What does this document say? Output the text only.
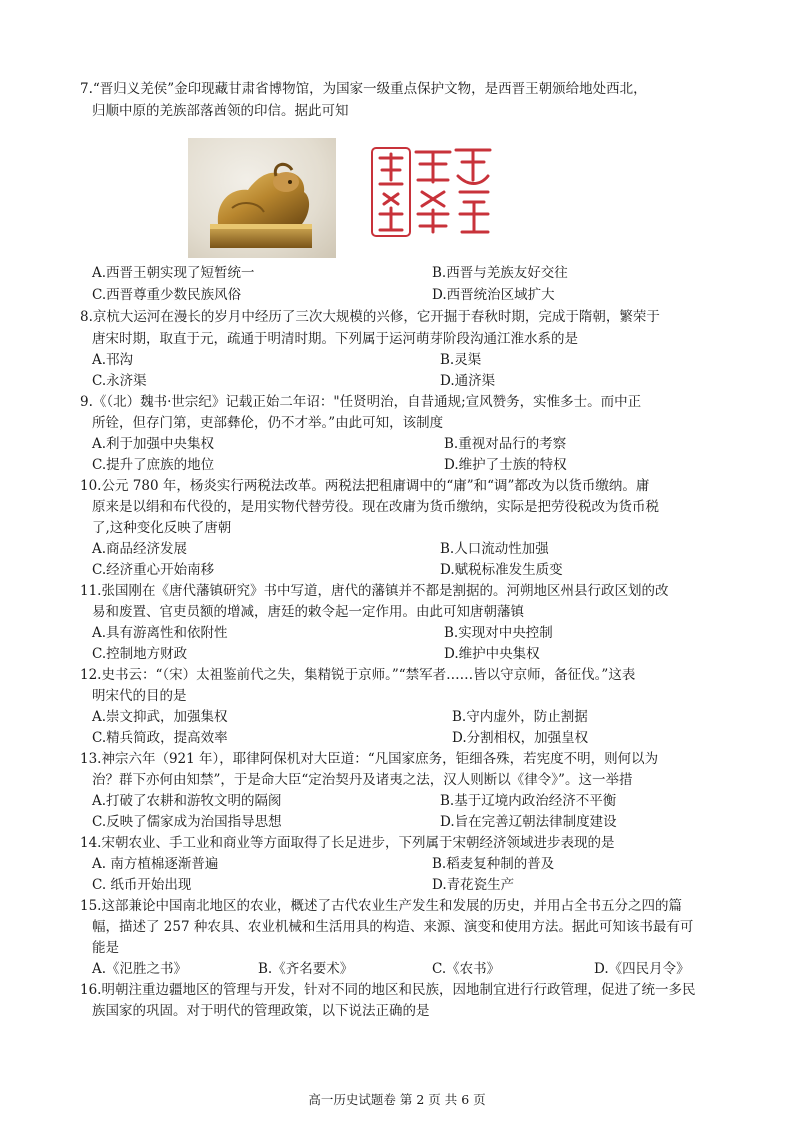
7.“晋归义羌侯”金印现藏甘肃省博物馆，为国家一级重点保护文物，是西晋王朝颁给地处西北，
归顺中原的羌族部落酋领的印信。据此可知
A.西晋王朝实现了短暂统一	B.西晋与羌族友好交往
C.西晋尊重少数民族风俗	D.西晋统治区域扩大
8.京杭大运河在漫长的岁月中经历了三次大规模的兴修，它开掘于春秋时期，完成于隋朝，繁荣于
唐宋时期，取直于元，疏通于明清时期。下列属于运河萌芽阶段沟通江淮水系的是
A.邗沟	B.灵渠
C.永济渠	D.通济渠
9.《（北）魏书·世宗纪》记载正始二年诏："任贤明治，自昔通规;宣风赞务，实惟多士。而中正
所铨，但存门第，吏部彝伦，仍不才举。”由此可知，该制度
A.利于加强中央集权	B.重视对品行的考察
C.提升了庶族的地位	D.维护了士族的特权
10.公元 780 年，杨炎实行两税法改革。两税法把租庸调中的“庸”和“调”都改为以货币缴纳。庸
原来是以绢和布代役的，是用实物代替劳役。现在改庸为货币缴纳，实际是把劳役税改为货币税
了,这种变化反映了唐朝
A.商品经济发展	B.人口流动性加强
C.经济重心开始南移	D.赋税标准发生质变
11.张国刚在《唐代藩镇研究》书中写道，唐代的藩镇并不都是割据的。河朔地区州县行政区划的改
易和废置、官吏员额的增减，唐廷的敕令起一定作用。由此可知唐朝藩镇
A.具有游离性和依附性	B.实现对中央控制
C.控制地方财政	D.维护中央集权
12.史书云：“（宋）太祖鉴前代之失，集精锐于京师。”“禁军者……皆以守京师，备征伐。”这表
明宋代的目的是
A.崇文抑武，加强集权	B.守内虚外，防止割据
C.精兵简政，提高效率	D.分割相权，加强皇权
13.神宗六年（921 年），耶律阿保机对大臣道：“凡国家庶务，钜细各殊，若宪度不明，则何以为
治？群下亦何由知禁”，于是命大臣“定治契丹及诸夷之法，汉人则断以《律令》”。这一举措
A.打破了农耕和游牧文明的隔阂	B.基于辽境内政治经济不平衡
C.反映了儒家成为治国指导思想	D.旨在完善辽朝法律制度建设
14.宋朝农业、手工业和商业等方面取得了长足进步，下列属于宋朝经济领域进步表现的是
A. 南方植棉逐渐普遍	B.稻麦复种制的普及
C. 纸币开始出现	D.青花瓷生产
15.这部兼论中国南北地区的农业，概述了古代农业生产发生和发展的历史，并用占全书五分之四的篇
幅，描述了 257 种农具、农业机械和生活用具的构造、来源、演变和使用方法。据此可知该书最有可
能是
A.《氾胜之书》	B.《齐名要术》	C.《农书》	D.《四民月令》
16.明朝注重边疆地区的管理与开发，针对不同的地区和民族，因地制宜进行行政管理，促进了统一多民
族国家的巩固。对于明代的管理政策，以下说法正确的是
高一历史试题卷 第 2 页 共 6 页
